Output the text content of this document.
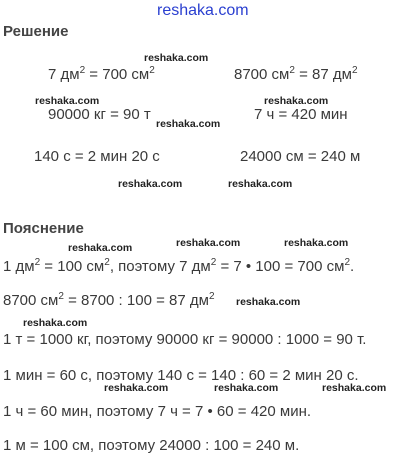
reshaka.com
Решение
reshaka.com
reshaka.com	reshaka.com
reshaka.com
reshaka.com	reshaka.com
reshaka.com	reshaka.com	reshaka.com
reshaka.com
reshaka.com
reshaka.com	reshaka.com	reshaka.com
7 $дм^2 = 700$ $см^2$	8700 $см^2 = 87$ $дм^2$
90000 кг = 90 т	7 ч = 420 мин
140 с = 2 мин 20 с	24000 см = 240 м
Пояснение
1 $дм^2 = 100$ $см^2$, поэтому 7 $дм^2 = 7$ • 100 = 700 $см^2$.
8700 $см^2 = 8700$ : 100 = 87 $дм^2$
1 т = 1000 кг, поэтому 90000 кг = 90000 : 1000 = 90 т.
1 мин = 60 с, поэтому 140 с = 140 : 60 = 2 мин 20 с.
1 ч = 60 мин, поэтому 7 ч = 7 • 60 = 420 мин.
1 м = 100 см, поэтому 24000 : 100 = 240 м.
